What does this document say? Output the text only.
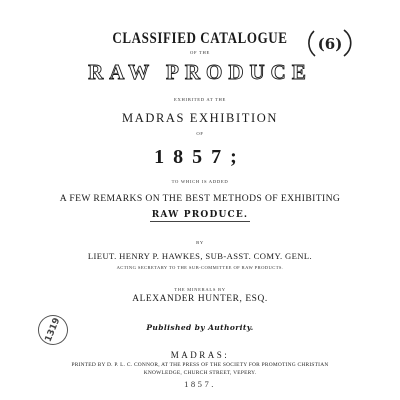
CLASSIFIED CATALOGUE
OF THE
RAW PRODUCE
EXHIBITED AT THE
MADRAS EXHIBITION
OF
1857;
TO WHICH IS ADDED
A FEW REMARKS ON THE BEST METHODS OF EXHIBITING
RAW PRODUCE.
BY
LIEUT. HENRY P. HAWKES, SUB-ASST. COMY. GENL.
ACTING SECRETARY TO THE SUB-COMMITTEE OF RAW PRODUCTS.
THE MINERALS BY
ALEXANDER HUNTER, ESQ.
Published by Authority.
MADRAS:
PRINTED BY D. P. L. C. CONNOR, AT THE PRESS OF THE SOCIETY FOR PROMOTING CHRISTIAN
KNOWLEDGE, CHURCH STREET, VEPERY.
1857.
(6)
1319
